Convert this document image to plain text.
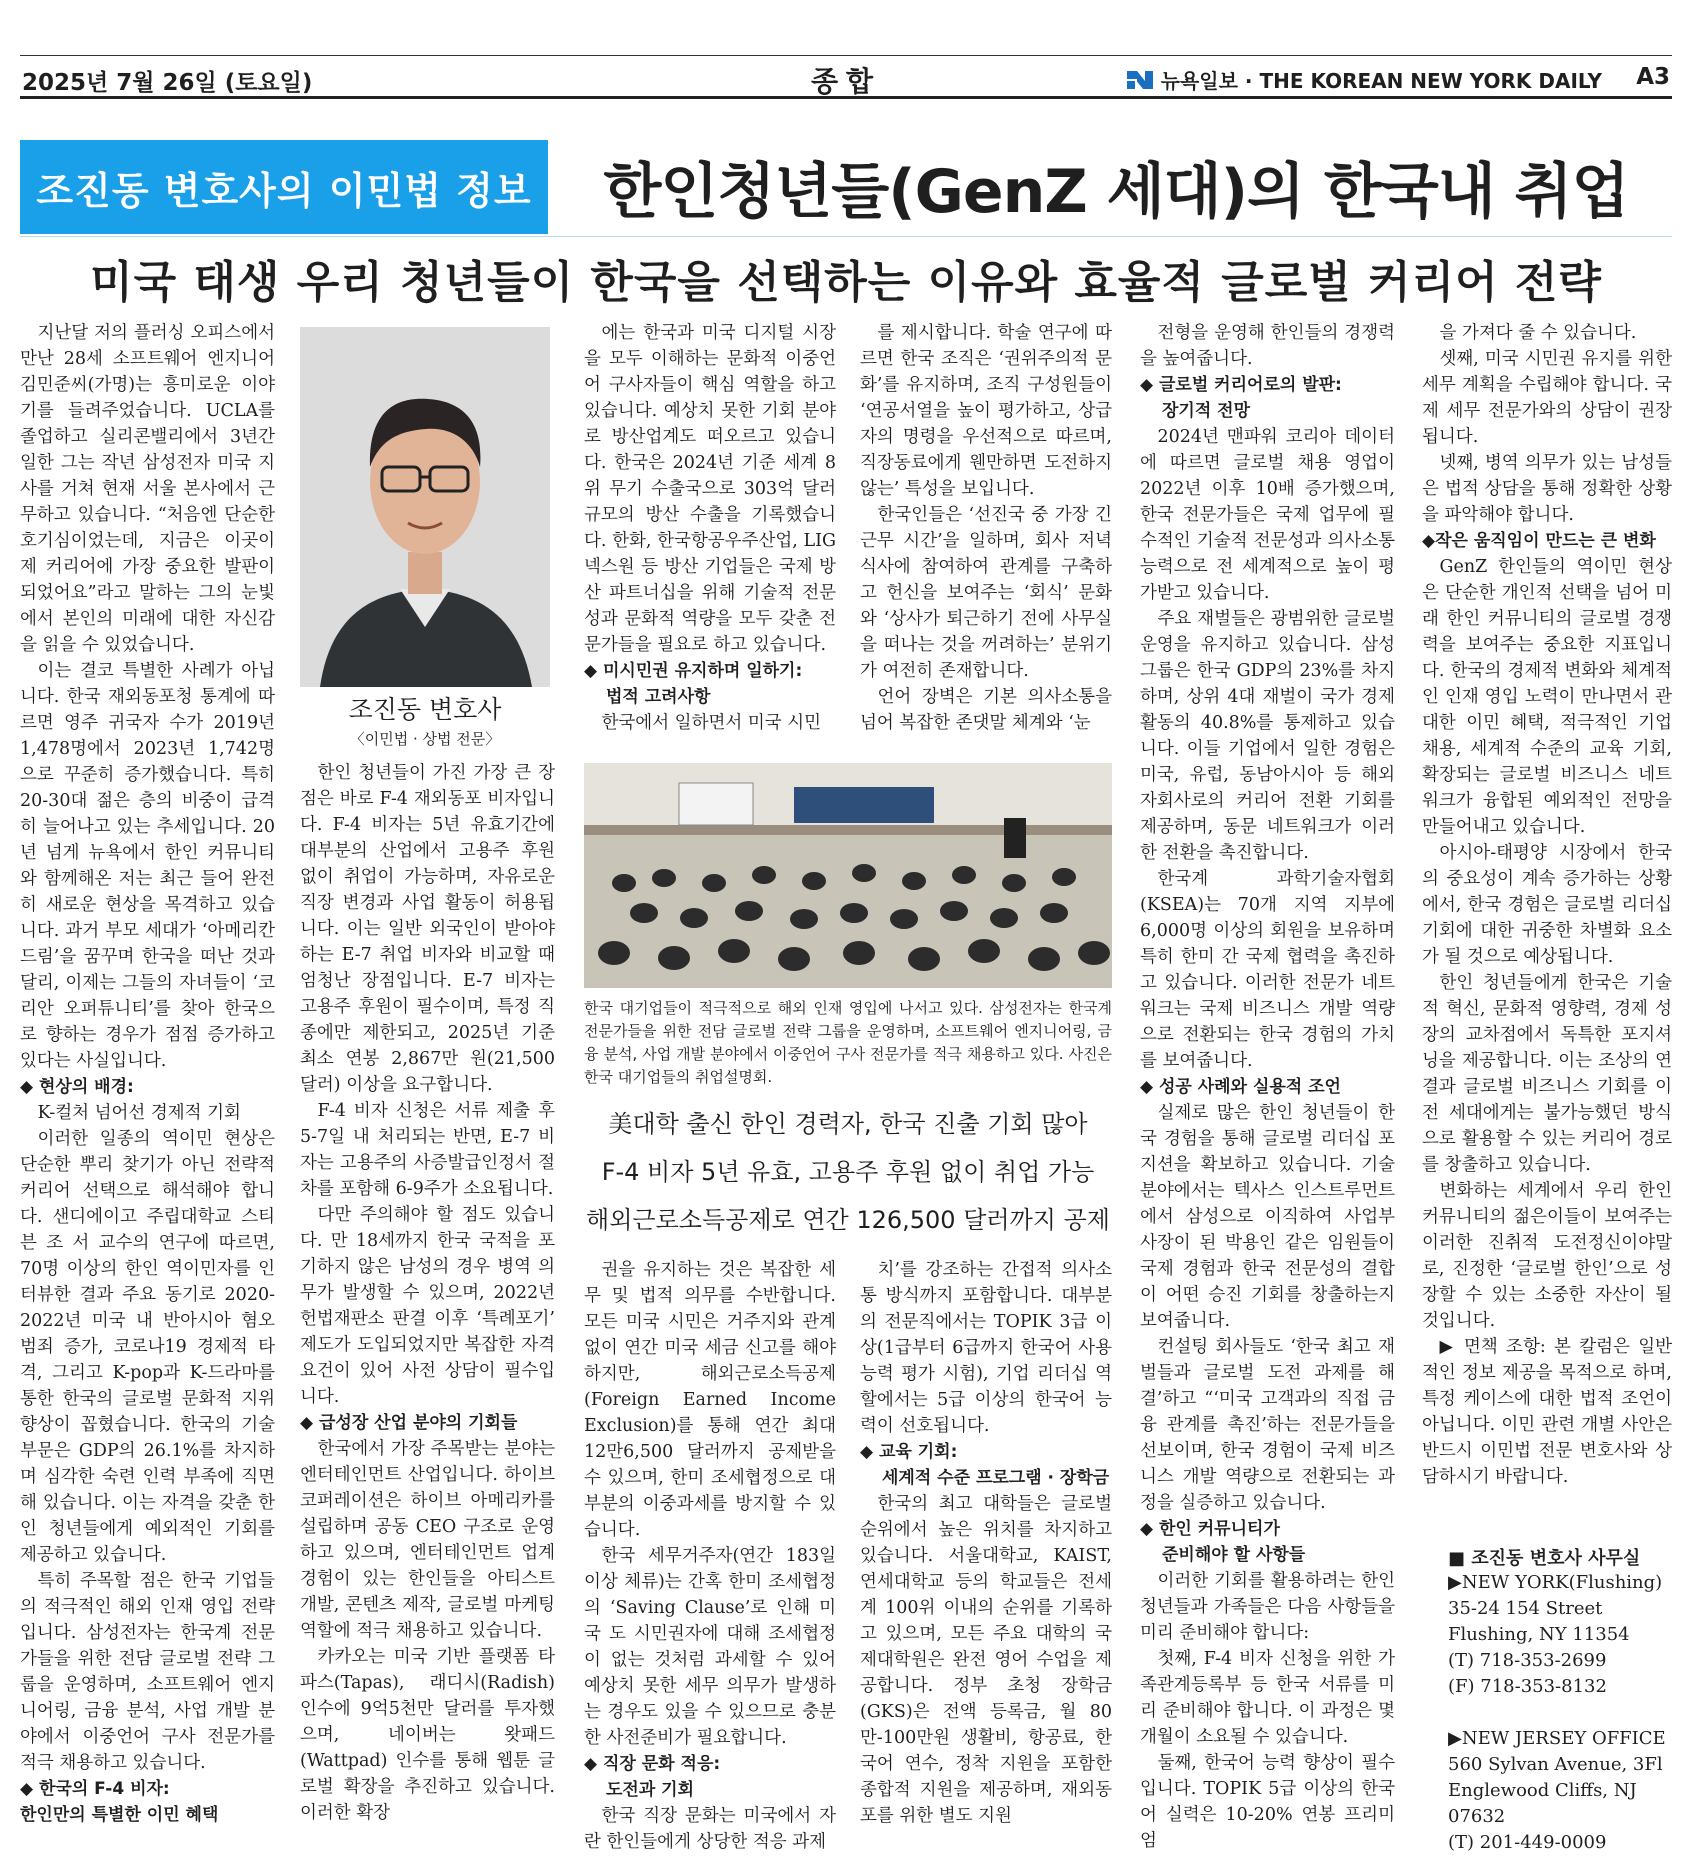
2025년 7월 26일 (토요일)	종합	뉴욕일보 · THE KOREAN NEW YORK DAILY A3
조진동 변호사의 이민법 정보	한인청년들(GenZ 세대)의 한국내 취업
미국 태생 우리 청년들이 한국을 선택하는 이유와 효율적 글로벌 커리어 전략

지난달 저의 플러싱 오피스에서 만난 28세 소프트웨어 엔지니어 김민준씨(가명)는 흥미로운 이야기를 들려주었습니다. UCLA를 졸업하고 실리콘밸리에서 3년간 일한 그는 작년 삼성전자 미국 지사를 거쳐 현재 서울 본사에서 근무하고 있습니다. “처음엔 단순한 호기심이었는데, 지금은 이곳이 제 커리어에 가장 중요한 발판이 되었어요”라고 말하는 그의 눈빛에서 본인의 미래에 대한 자신감을 읽을 수 있었습니다.

이는 결코 특별한 사례가 아닙니다. 한국 재외동포청 통계에 따르면 영주 귀국자 수가 2019년 1,478명에서 2023년 1,742명으로 꾸준히 증가했습니다. 특히 20-30대 젊은 층의 비중이 급격히 늘어나고 있는 추세입니다. 20년 넘게 뉴욕에서 한인 커뮤니티와 함께해온 저는 최근 들어 완전히 새로운 현상을 목격하고 있습니다. 과거 부모 세대가 ‘아메리칸 드림’을 꿈꾸며 한국을 떠난 것과 달리, 이제는 그들의 자녀들이 ‘코리안 오퍼튜니티’를 찾아 한국으로 향하는 경우가 점점 증가하고 있다는 사실입니다.

◆ 현상의 배경:

K-컬처 넘어선 경제적 기회

이러한 일종의 역이민 현상은 단순한 뿌리 찾기가 아닌 전략적 커리어 선택으로 해석해야 합니다. 샌디에이고 주립대학교 스티븐 조 서 교수의 연구에 따르면, 70명 이상의 한인 역이민자를 인터뷰한 결과 주요 동기로 2020-2022년 미국 내 반아시아 혐오 범죄 증가, 코로나19 경제적 타격, 그리고 K-pop과 K-드라마를 통한 한국의 글로벌 문화적 지위 향상이 꼽혔습니다. 한국의 기술 부문은 GDP의 26.1%를 차지하며 심각한 숙련 인력 부족에 직면해 있습니다. 이는 자격을 갖춘 한인 청년들에게 예외적인 기회를 제공하고 있습니다.

특히 주목할 점은 한국 기업들의 적극적인 해외 인재 영입 전략입니다. 삼성전자는 한국계 전문가들을 위한 전담 글로벌 전략 그룹을 운영하며, 소프트웨어 엔지니어링, 금융 분석, 사업 개발 분야에서 이중언어 구사 전문가를 적극 채용하고 있습니다.

◆ 한국의 F-4 비자:

한인만의 특별한 이민 혜택

조진동 변호사
〈이민법 · 상법 전문〉

한인 청년들이 가진 가장 큰 장점은 바로 F-4 재외동포 비자입니다. F-4 비자는 5년 유효기간에 대부분의 산업에서 고용주 후원 없이 취업이 가능하며, 자유로운 직장 변경과 사업 활동이 허용됩니다. 이는 일반 외국인이 받아야 하는 E-7 취업 비자와 비교할 때 엄청난 장점입니다. E-7 비자는 고용주 후원이 필수이며, 특정 직종에만 제한되고, 2025년 기준 최소 연봉 2,867만 원(21,500 달러) 이상을 요구합니다.

F-4 비자 신청은 서류 제출 후 5-7일 내 처리되는 반면, E-7 비자는 고용주의 사증발급인정서 절차를 포함해 6-9주가 소요됩니다.

다만 주의해야 할 점도 있습니다. 만 18세까지 한국 국적을 포기하지 않은 남성의 경우 병역 의무가 발생할 수 있으며, 2022년 헌법재판소 판결 이후 ‘특례포기’ 제도가 도입되었지만 복잡한 자격 요건이 있어 사전 상담이 필수입니다.

◆ 급성장 산업 분야의 기회들

한국에서 가장 주목받는 분야는 엔터테인먼트 산업입니다. 하이브 코퍼레이션은 하이브 아메리카를 설립하며 공동 CEO 구조로 운영하고 있으며, 엔터테인먼트 업계 경험이 있는 한인들을 아티스트 개발, 콘텐츠 제작, 글로벌 마케팅 역할에 적극 채용하고 있습니다.

카카오는 미국 기반 플랫폼 타파스(Tapas), 래디시(Radish) 인수에 9억5천만 달러를 투자했으며, 네이버는 왓패드(Wattpad) 인수를 통해 웹툰 글로벌 확장을 추진하고 있습니다. 이러한 확장

에는 한국과 미국 디지털 시장을 모두 이해하는 문화적 이중언어 구사자들이 핵심 역할을 하고 있습니다. 예상치 못한 기회 분야로 방산업계도 떠오르고 있습니다. 한국은 2024년 기준 세계 8위 무기 수출국으로 303억 달러 규모의 방산 수출을 기록했습니다. 한화, 한국항공우주산업, LIG넥스원 등 방산 기업들은 국제 방산 파트너십을 위해 기술적 전문성과 문화적 역량을 모두 갖춘 전문가들을 필요로 하고 있습니다.

◆ 미시민권 유지하며 일하기:

법적 고려사항

한국에서 일하면서 미국 시민

를 제시합니다. 학술 연구에 따르면 한국 조직은 ‘권위주의적 문화’를 유지하며, 조직 구성원들이 ‘연공서열을 높이 평가하고, 상급자의 명령을 우선적으로 따르며, 직장동료에게 웬만하면 도전하지 않는’ 특성을 보입니다.

한국인들은 ‘선진국 중 가장 긴 근무 시간’을 일하며, 회사 저녁 식사에 참여하여 관계를 구축하고 헌신을 보여주는 ‘회식’ 문화와 ‘상사가 퇴근하기 전에 사무실을 떠나는 것을 꺼려하는’ 분위기가 여전히 존재합니다.

언어 장벽은 기본 의사소통을 넘어 복잡한 존댓말 체계와 ‘눈

한국 대기업들이 적극적으로 해외 인재 영입에 나서고 있다. 삼성전자는 한국계 전문가들을 위한 전담 글로벌 전략 그룹을 운영하며, 소프트웨어 엔지니어링, 금융 분석, 사업 개발 분야에서 이중언어 구사 전문가를 적극 채용하고 있다. 사진은 한국 대기업들의 취업설명회.
美대학 출신 한인 경력자, 한국 진출 기회 많아
F-4 비자 5년 유효, 고용주 후원 없이 취업 가능
해외근로소득공제로 연간 126,500 달러까지 공제

권을 유지하는 것은 복잡한 세무 및 법적 의무를 수반합니다. 모든 미국 시민은 거주지와 관계없이 연간 미국 세금 신고를 해야 하지만, 해외근로소득공제(Foreign Earned Income Exclusion)를 통해 연간 최대 12만6,500 달러까지 공제받을 수 있으며, 한미 조세협정으로 대부분의 이중과세를 방지할 수 있습니다.

한국 세무거주자(연간 183일 이상 체류)는 간혹 한미 조세협정의 ‘Saving Clause’로 인해 미국 도 시민권자에 대해 조세협정이 없는 것처럼 과세할 수 있어 예상치 못한 세무 의무가 발생하는 경우도 있을 수 있으므로 충분한 사전준비가 필요합니다.

◆ 직장 문화 적응:

도전과 기회

한국 직장 문화는 미국에서 자란 한인들에게 상당한 적응 과제

치’를 강조하는 간접적 의사소통 방식까지 포함합니다. 대부분의 전문직에서는 TOPIK 3급 이상(1급부터 6급까지 한국어 사용능력 평가 시험), 기업 리더십 역할에서는 5급 이상의 한국어 능력이 선호됩니다.

◆ 교육 기회:

세계적 수준 프로그램 · 장학금

한국의 최고 대학들은 글로벌 순위에서 높은 위치를 차지하고 있습니다. 서울대학교, KAIST, 연세대학교 등의 학교들은 전세계 100위 이내의 순위를 기록하고 있으며, 모든 주요 대학의 국제대학원은 완전 영어 수업을 제공합니다. 정부 초청 장학금(GKS)은 전액 등록금, 월 80만-100만원 생활비, 항공료, 한국어 연수, 정착 지원을 포함한 종합적 지원을 제공하며, 재외동포를 위한 별도 지원

전형을 운영해 한인들의 경쟁력을 높여줍니다.

◆ 글로벌 커리어로의 발판:

장기적 전망

2024년 맨파워 코리아 데이터에 따르면 글로벌 채용 영업이 2022년 이후 10배 증가했으며, 한국 전문가들은 국제 업무에 필수적인 기술적 전문성과 의사소통 능력으로 전 세계적으로 높이 평가받고 있습니다.

주요 재벌들은 광범위한 글로벌 운영을 유지하고 있습니다. 삼성 그룹은 한국 GDP의 23%를 차지하며, 상위 4대 재벌이 국가 경제 활동의 40.8%를 통제하고 있습니다. 이들 기업에서 일한 경험은 미국, 유럽, 동남아시아 등 해외 자회사로의 커리어 전환 기회를 제공하며, 동문 네트워크가 이러한 전환을 촉진합니다.

한국계 과학기술자협회(KSEA)는 70개 지역 지부에 6,000명 이상의 회원을 보유하며 특히 한미 간 국제 협력을 촉진하고 있습니다. 이러한 전문가 네트워크는 국제 비즈니스 개발 역량으로 전환되는 한국 경험의 가치를 보여줍니다.

◆ 성공 사례와 실용적 조언

실제로 많은 한인 청년들이 한국 경험을 통해 글로벌 리더십 포지션을 확보하고 있습니다. 기술 분야에서는 텍사스 인스트루먼트에서 삼성으로 이직하여 사업부 사장이 된 박용인 같은 임원들이 국제 경험과 한국 전문성의 결합이 어떤 승진 기회를 창출하는지 보여줍니다.

컨설팅 회사들도 ‘한국 최고 재벌들과 글로벌 도전 과제를 해결’하고 “‘미국 고객과의 직접 금융 관계를 촉진’하는 전문가들을 선보이며, 한국 경험이 국제 비즈니스 개발 역량으로 전환되는 과정을 실증하고 있습니다.

◆ 한인 커뮤니티가

준비해야 할 사항들

이러한 기회를 활용하려는 한인 청년들과 가족들은 다음 사항들을 미리 준비해야 합니다:

첫째, F-4 비자 신청을 위한 가족관계등록부 등 한국 서류를 미리 준비해야 합니다. 이 과정은 몇 개월이 소요될 수 있습니다.

둘째, 한국어 능력 향상이 필수입니다. TOPIK 5급 이상의 한국어 실력은 10-20% 연봉 프리미엄

을 가져다 줄 수 있습니다.

셋째, 미국 시민권 유지를 위한 세무 계획을 수립해야 합니다. 국제 세무 전문가와의 상담이 권장됩니다.

넷째, 병역 의무가 있는 남성들은 법적 상담을 통해 정확한 상황을 파악해야 합니다.

◆작은 움직임이 만드는 큰 변화

GenZ 한인들의 역이민 현상은 단순한 개인적 선택을 넘어 미래 한인 커뮤니티의 글로벌 경쟁력을 보여주는 중요한 지표입니다. 한국의 경제적 변화와 체계적인 인재 영입 노력이 만나면서 관대한 이민 혜택, 적극적인 기업 채용, 세계적 수준의 교육 기회, 확장되는 글로벌 비즈니스 네트워크가 융합된 예외적인 전망을 만들어내고 있습니다.

아시아-태평양 시장에서 한국의 중요성이 계속 증가하는 상황에서, 한국 경험은 글로벌 리더십 기회에 대한 귀중한 차별화 요소가 될 것으로 예상됩니다.

한인 청년들에게 한국은 기술적 혁신, 문화적 영향력, 경제 성장의 교차점에서 독특한 포지셔닝을 제공합니다. 이는 조상의 연결과 글로벌 비즈니스 기회를 이전 세대에게는 불가능했던 방식으로 활용할 수 있는 커리어 경로를 창출하고 있습니다.

변화하는 세계에서 우리 한인 커뮤니티의 젊은이들이 보여주는 이러한 진취적 도전정신이야말로, 진정한 ‘글로벌 한인’으로 성장할 수 있는 소중한 자산이 될 것입니다.

▶ 면책 조항: 본 칼럼은 일반적인 정보 제공을 목적으로 하며, 특정 케이스에 대한 법적 조언이 아닙니다. 이민 관련 개별 사안은 반드시 이민법 전문 변호사와 상담하시기 바랍니다.

■ 조진동 변호사 사무실
▶NEW YORK(Flushing)
35-24 154 Street
Flushing, NY 11354
(T) 718-353-2699
(F) 718-353-8132
▶NEW JERSEY OFFICE
560 Sylvan Avenue, 3Fl
Englewood Cliffs, NJ 07632
(T) 201-449-0009
